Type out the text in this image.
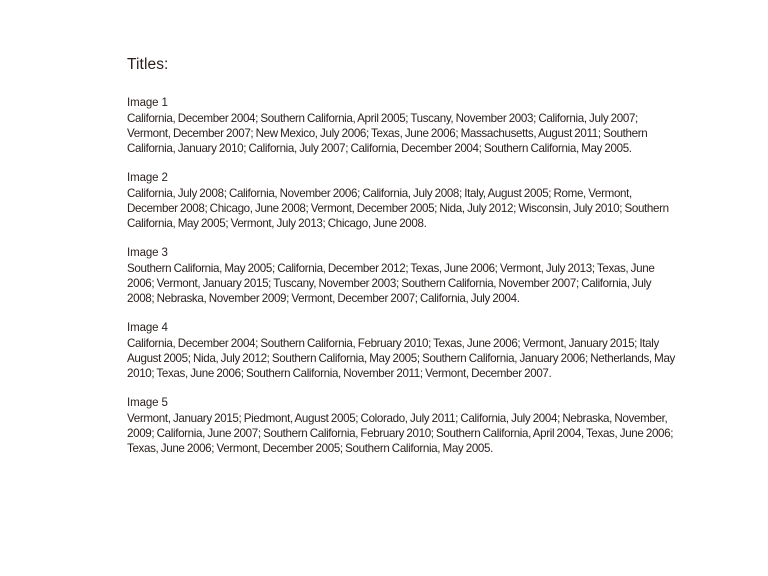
Titles:
Image 1

California, December 2004; Southern California, April 2005; Tuscany, November 2003; California, July 2007; Vermont, December 2007; New Mexico, July 2006; Texas, June 2006; Massachusetts, August 2011; Southern California, January 2010; California, July 2007; California, December 2004; Southern California, May 2005.

Image 2

California, July 2008; California, November 2006; California, July 2008; Italy, August 2005; Rome, Vermont, December 2008; Chicago, June 2008; Vermont, December 2005; Nida, July 2012; Wisconsin, July 2010; Southern California, May 2005; Vermont, July 2013; Chicago, June 2008.

Image 3

Southern California, May 2005; California, December 2012; Texas, June 2006; Vermont, July 2013; Texas, June 2006; Vermont, January 2015; Tuscany, November 2003; Southern California, November 2007; California, July 2008; Nebraska, November 2009; Vermont, December 2007; California, July 2004.

Image 4

California, December 2004; Southern California, February 2010; Texas, June 2006; Vermont, January 2015; Italy August 2005; Nida, July 2012; Southern California, May 2005; Southern California, January 2006; Netherlands, May 2010; Texas, June 2006; Southern California, November 2011; Vermont, December 2007.

Image 5

Vermont, January 2015; Piedmont, August 2005; Colorado, July 2011; California, July 2004; Nebraska, November, 2009; California, June 2007; Southern California, February 2010; Southern California, April 2004, Texas, June 2006; Texas, June 2006; Vermont, December 2005; Southern California, May 2005.
